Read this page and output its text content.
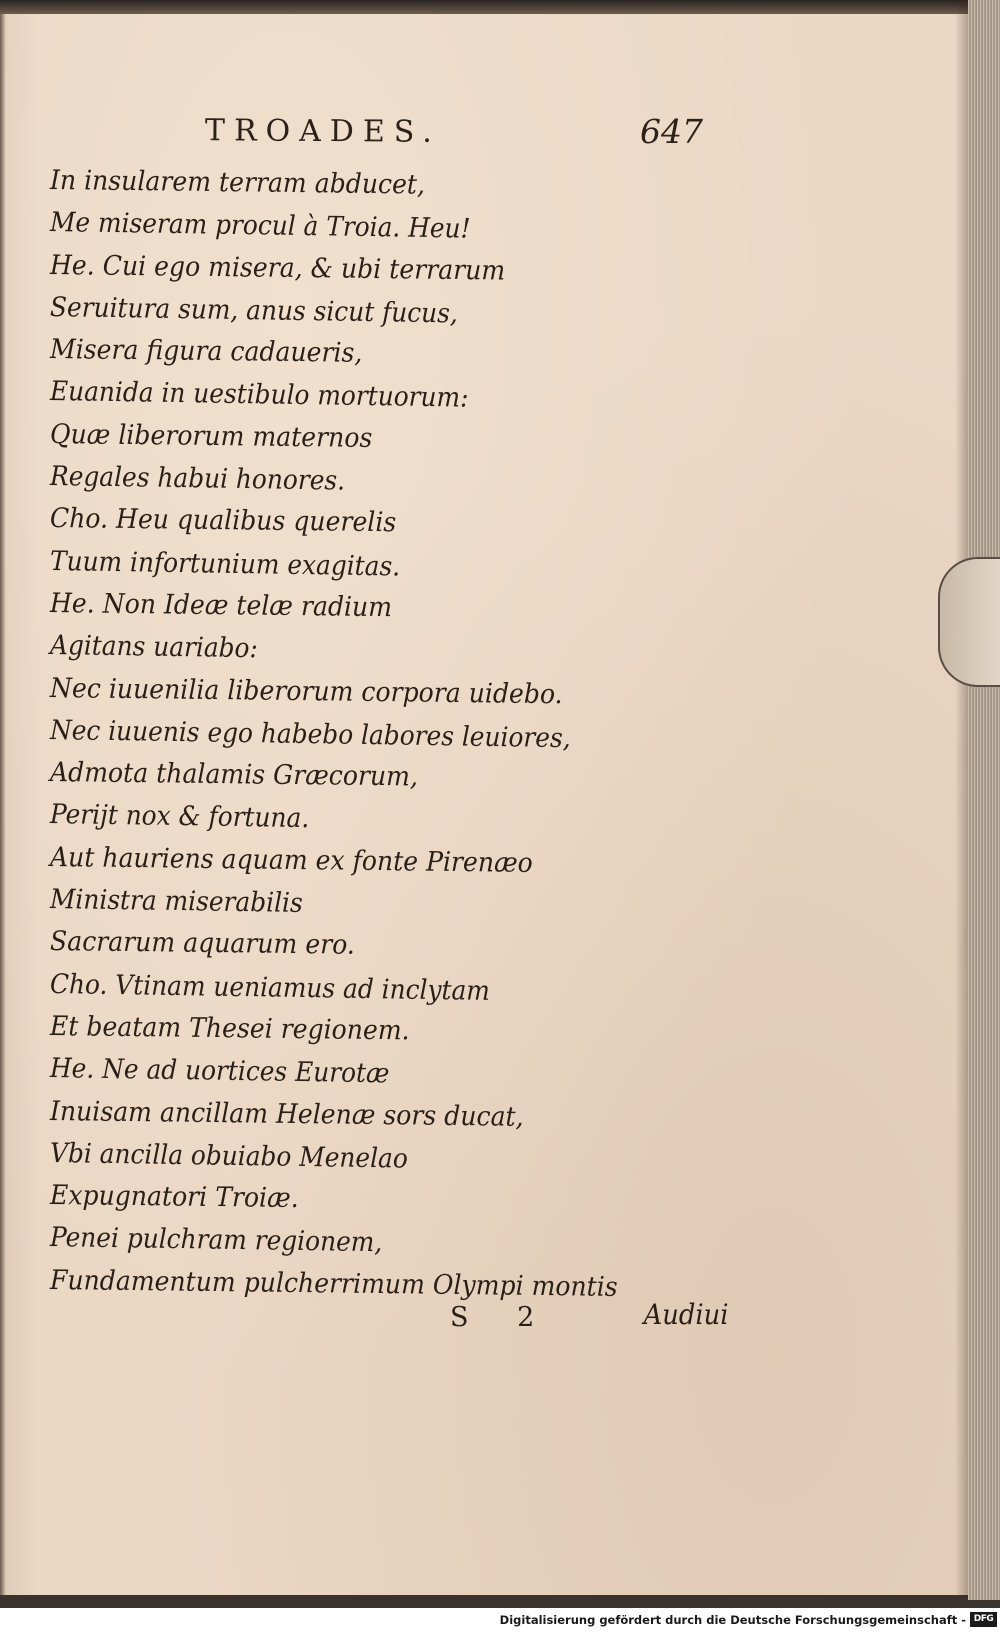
TROADES.	647
In insularem terram abducet,
Me miseram procul à Troia. Heu!
He. Cui ego misera, & ubi terrarum
Seruitura sum, anus sicut fucus,
Misera figura cadaueris,
Euanida in uestibulo mortuorum:
Quæ liberorum maternos
Regales habui honores.
Cho. Heu qualibus querelis
Tuum infortunium exagitas.
He. Non Ideæ telæ radium
Agitans uariabo:
Nec iuuenilia liberorum corpora uidebo.
Nec iuuenis ego habebo labores leuiores,
Admota thalamis Græcorum,
Perijt nox & fortuna.
Aut hauriens aquam ex fonte Pirenæo
Ministra miserabilis
Sacrarum aquarum ero.
Cho. Vtinam ueniamus ad inclytam
Et beatam Thesei regionem.
He. Ne ad uortices Eurotæ
Inuisam ancillam Helenæ sors ducat,
Vbi ancilla obuiabo Menelao
Expugnatori Troiæ.
Penei pulchram regionem,
Fundamentum pulcherrimum Olympi montis
S 2	Audiui
Digitalisierung gefördert durch die Deutsche Forschungsgemeinschaft - DFG
